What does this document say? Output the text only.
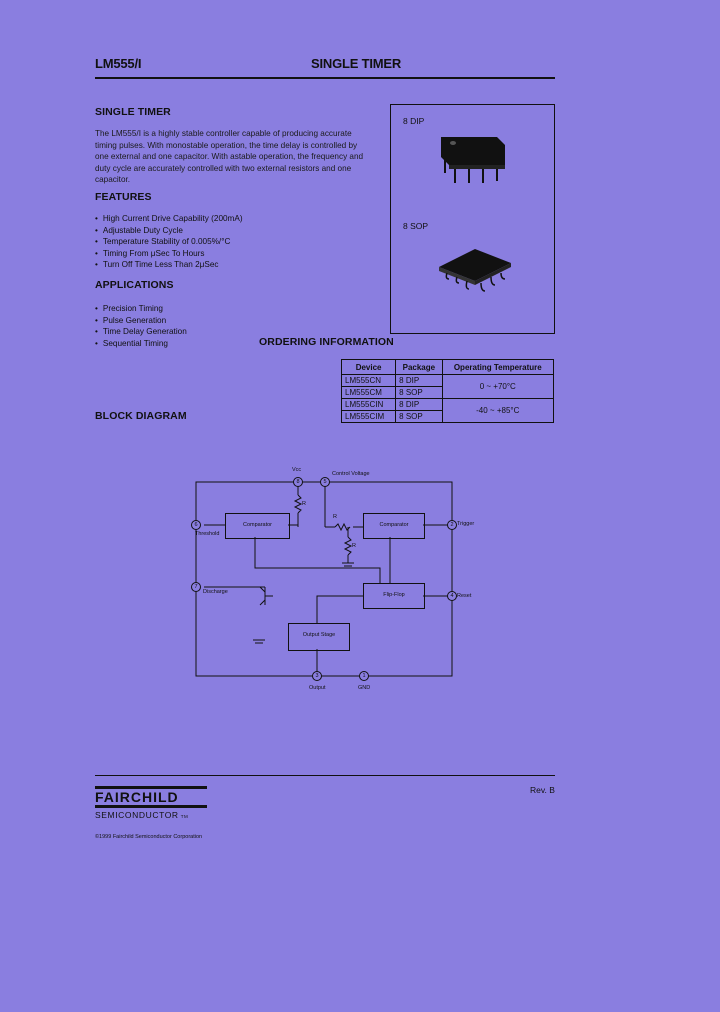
LM555/I	SINGLE TIMER
SINGLE TIMER
The LM555/I is a highly stable controller capable of producing accurate timing pulses. With monostable operation, the time delay is controlled by one external and one capacitor. With astable operation, the frequency and duty cycle are accurately controlled with two external resistors and one capacitor.
FEATURES
• High Current Drive Capability (200mA)
• Adjustable Duty Cycle
• Temperature Stability of 0.005%/°C
• Timing From μSec To Hours
• Turn Off Time Less Than 2μSec
APPLICATIONS
• Precision Timing
• Pulse Generation
• Time Delay Generation
• Sequential Timing
8 DIP
8 SOP
ORDERING INFORMATION
Device	Package	Operating Temperature
LM555CN	8 DIP	0 ~ +70°C
LM555CM	8 SOP	
LM555CIN	8 DIP	-40 ~ +85°C
LM555CIM	8 SOP	
BLOCK DIAGRAM
Comparator	Comparator
Flip-Flop
Output Stage
8	5
6
7
2
4
3	1
Vcc
Control Voltage
Threshold
Discharge
Trigger
Reset
Output	GND
R
R
R
Rev. B
FAIRCHILD
SEMICONDUCTOR TM
©1999 Fairchild Semiconductor Corporation
